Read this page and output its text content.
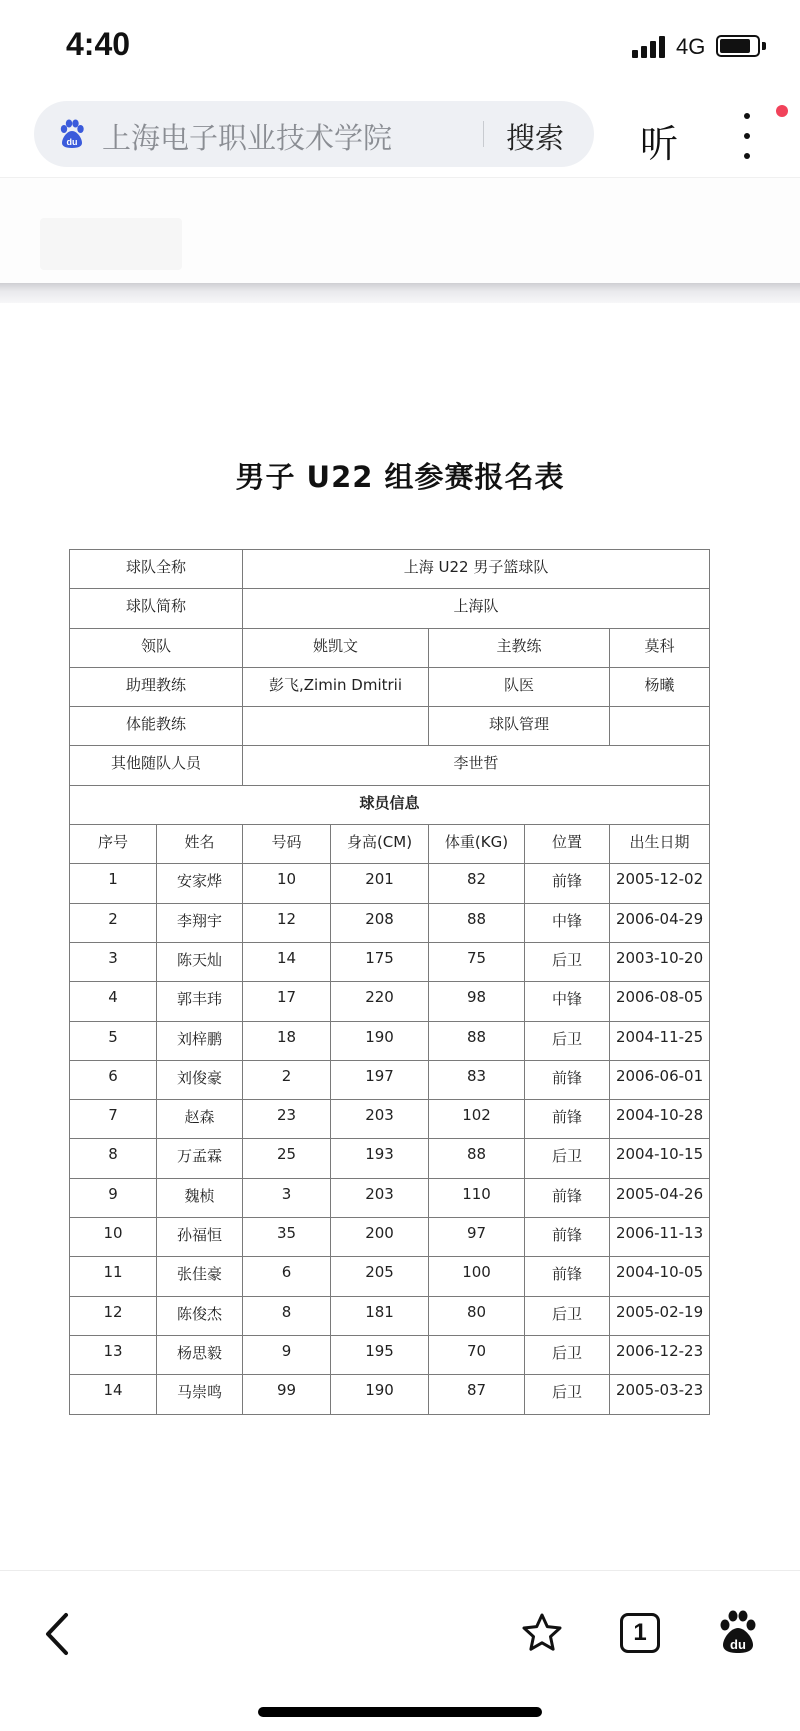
4:40	4G
du 上海电子职业技术学院	搜索 听
男子 U22 组参赛报名表
球队全称		上海 U22 男子篮球队				
球队简称		上海队				
领队		姚凯文		主教练		莫科
助理教练		彭飞,Zimin Dmitrii		队医		杨曦
体能教练				球队管理		
其他随队人员		李世哲				
球员信息						
序号	姓名	号码	身高(CM)	体重(KG)	位置	出生日期
1	安家烨	10	201	82	前锋	2005-12-02
2	李翔宇	12	208	88	中锋	2006-04-29
3	陈天灿	14	175	75	后卫	2003-10-20
4	郭丰玮	17	220	98	中锋	2006-08-05
5	刘梓鹏	18	190	88	后卫	2004-11-25
6	刘俊豪	2	197	83	前锋	2006-06-01
7	赵森	23	203	102	前锋	2004-10-28
8	万孟霖	25	193	88	后卫	2004-10-15
9	魏桢	3	203	110	前锋	2005-04-26
10	孙福恒	35	200	97	前锋	2006-11-13
11	张佳豪	6	205	100	前锋	2004-10-05
12	陈俊杰	8	181	80	后卫	2005-02-19
13	杨思毅	9	195	70	后卫	2006-12-23
14	马崇鸣	99	190	87	后卫	2005-03-23
1	du
